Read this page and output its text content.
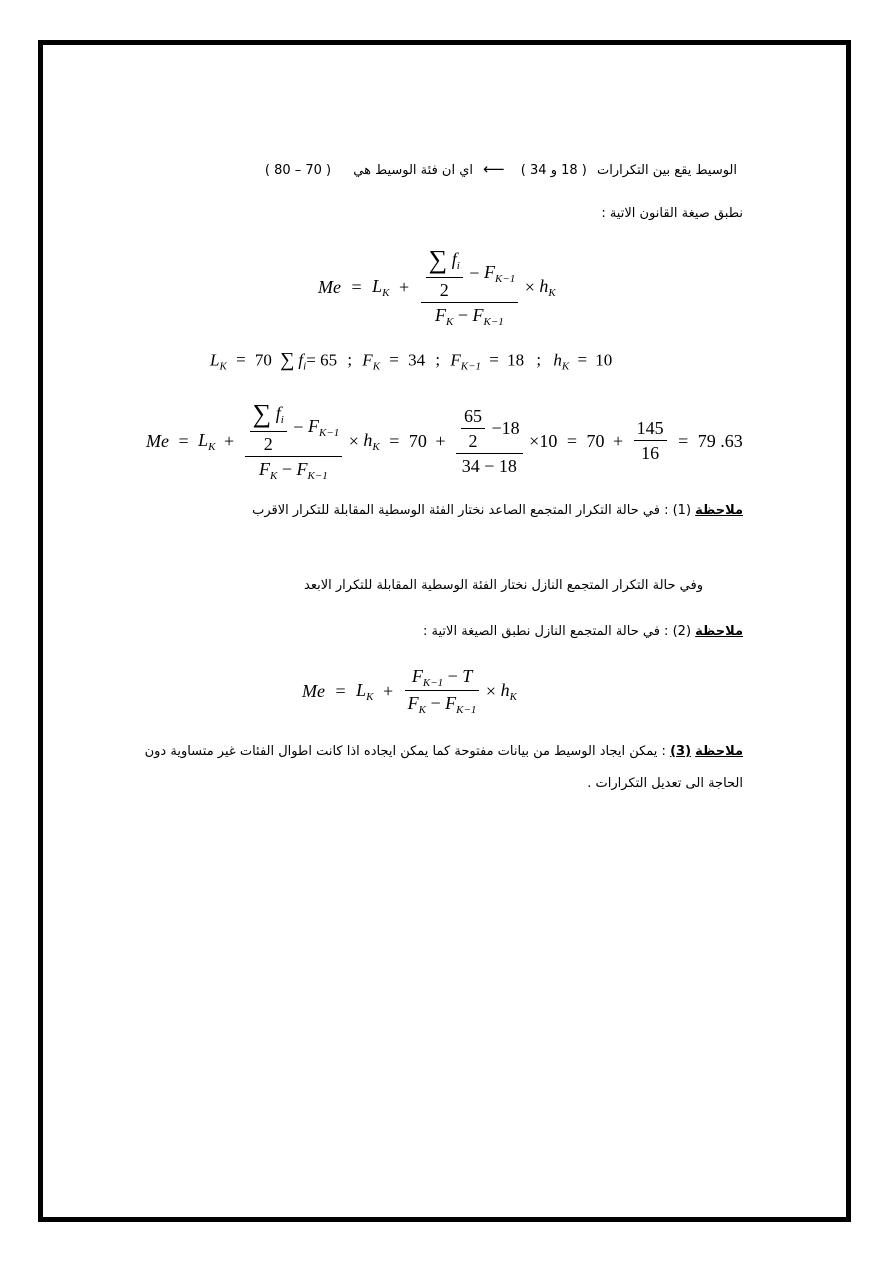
الوسيط يقع بين التكرارات ( 18 و 34 ) ⟵ اي ان فئة الوسيط هي ( 70 – 80 )
نطبق صيغة القانون الاتية :
$Me = L_K + \frac{\frac{\sum f_i}{2} - F_{K-1}}{F_K - F_{K-1}} \times h_K$
$L_K = 70$ ∑ $f_i= 65$ ; $F_K = 34$ ; $F_{K-1} = 18$ ; $h_K = 10$
$Me = L_K + \frac{\frac{\sum f_i}{2} - F_{K-1}}{F_K - F_{K-1}} \times h_K = 70 + \frac{\frac{65}{2} -18}{34 - 18} \times 10 = 70 + \frac{145}{16} = 79$ .63
ملاحظة (1) : في حالة التكرار المتجمع الصاعد نختار الفئة الوسطية المقابلة للتكرار الاقرب
وفي حالة التكرار المتجمع النازل نختار الفئة الوسطية المقابلة للتكرار الابعد
ملاحظة (2) : في حالة المتجمع النازل نطبق الصيغة الاتية :
$Me = L_K + \frac{F_{K-1} - T}{F_K - F_{K-1}} \times h_K$
ملاحظة (3) : يمكن ايجاد الوسيط من بيانات مفتوحة كما يمكن ايجاده اذا كانت اطوال الفئات غير متساوية دون
الحاجة الى تعديل التكرارات .
